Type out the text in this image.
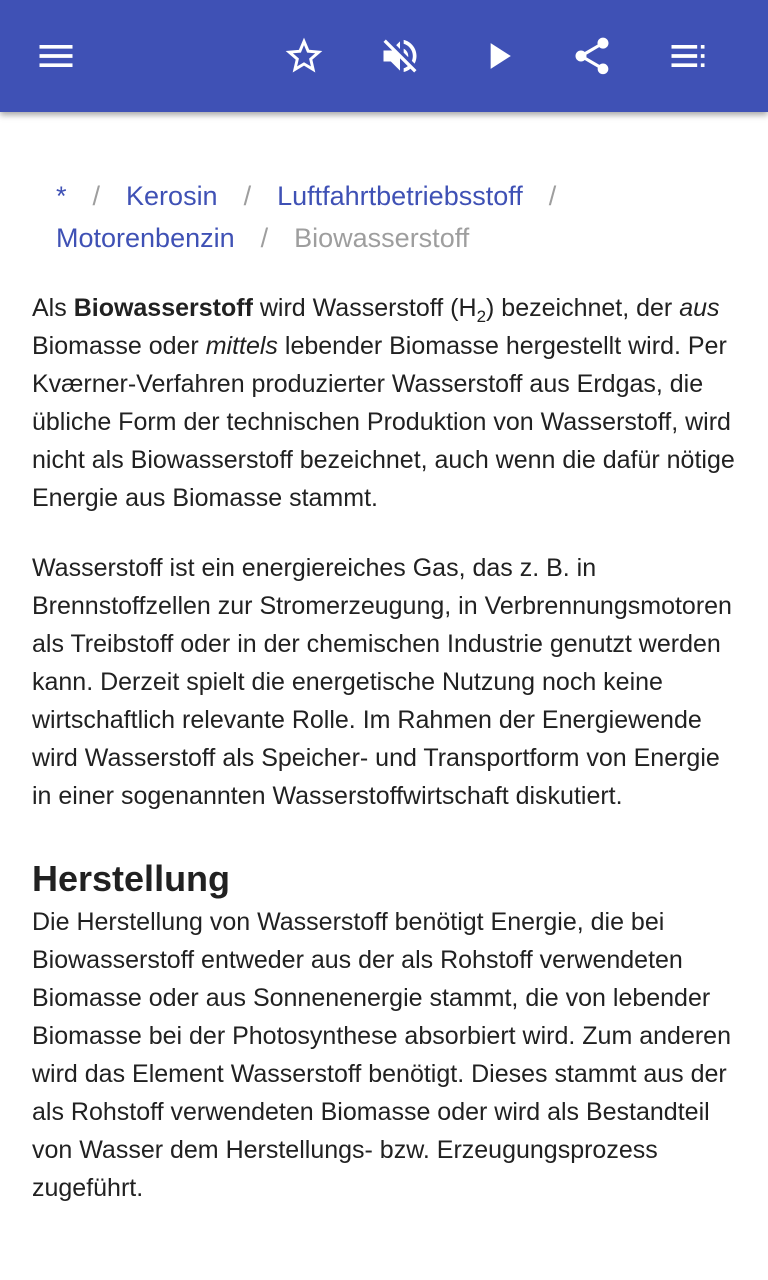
* / Kerosin / Luftfahrtbetriebsstoff /
Motorenbenzin / Biowasserstoff

Als Biowasserstoff wird Wasserstoff $(H_2)$ bezeichnet, der aus Biomasse oder mittels lebender Biomasse hergestellt wird. Per Kværner-Verfahren produzierter Wasserstoff aus Erdgas, die übliche Form der technischen Produktion von Wasserstoff, wird nicht als Biowasserstoff bezeichnet, auch wenn die dafür nötige Energie aus Biomasse stammt.

Wasserstoff ist ein energiereiches Gas, das z. B. in Brennstoffzellen zur Stromerzeugung, in Verbrennungsmotoren als Treibstoff oder in der chemischen Industrie genutzt werden kann. Derzeit spielt die energetische Nutzung noch keine wirtschaftlich relevante Rolle. Im Rahmen der Energiewende wird Wasserstoff als Speicher- und Transportform von Energie in einer sogenannten Wasserstoffwirtschaft diskutiert.

Herstellung

Die Herstellung von Wasserstoff benötigt Energie, die bei Biowasserstoff entweder aus der als Rohstoff verwendeten Biomasse oder aus Sonnenenergie stammt, die von lebender Biomasse bei der Photosynthese absorbiert wird. Zum anderen wird das Element Wasserstoff benötigt. Dieses stammt aus der als Rohstoff verwendeten Biomasse oder wird als Bestandteil von Wasser dem Herstellungs- bzw. Erzeugungsprozess zugeführt.
